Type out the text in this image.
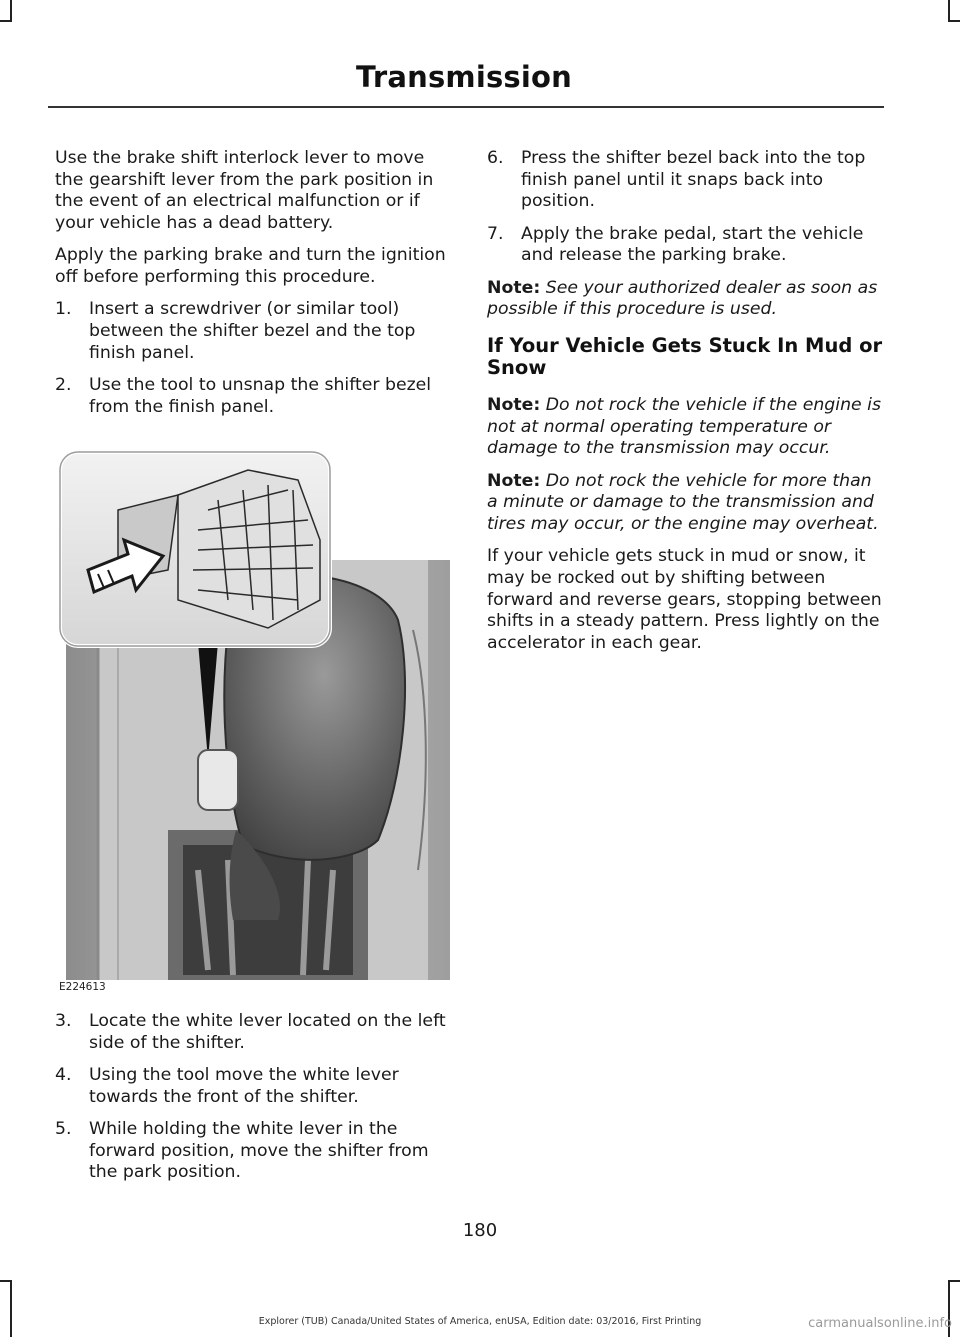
Transmission

Use the brake shift interlock lever to move the gearshift lever from the park position in the event of an electrical malfunction or if your vehicle has a dead battery.

Apply the parking brake and turn the ignition off before performing this procedure.

1. Insert a screwdriver (or similar tool) between the shifter bezel and the top finish panel.
2. Use the tool to unsnap the shifter bezel from the finish panel.
E224613
3. Locate the white lever located on the left side of the shifter.
4. Using the tool move the white lever towards the front of the shifter.
5. While holding the white lever in the forward position, move the shifter from the park position.
6. Press the shifter bezel back into the top finish panel until it snaps back into position.
7. Apply the brake pedal, start the vehicle and release the parking brake.

Note: See your authorized dealer as soon as possible if this procedure is used.

If Your Vehicle Gets Stuck In Mud or Snow

Note: Do not rock the vehicle if the engine is not at normal operating temperature or damage to the transmission may occur.

Note: Do not rock the vehicle for more than a minute or damage to the transmission and tires may occur, or the engine may overheat.

If your vehicle gets stuck in mud or snow, it may be rocked out by shifting between forward and reverse gears, stopping between shifts in a steady pattern. Press lightly on the accelerator in each gear.

180
Explorer (TUB) Canada/United States of America, enUSA, Edition date: 03/2016, First Printing	carmanualsonline.info
